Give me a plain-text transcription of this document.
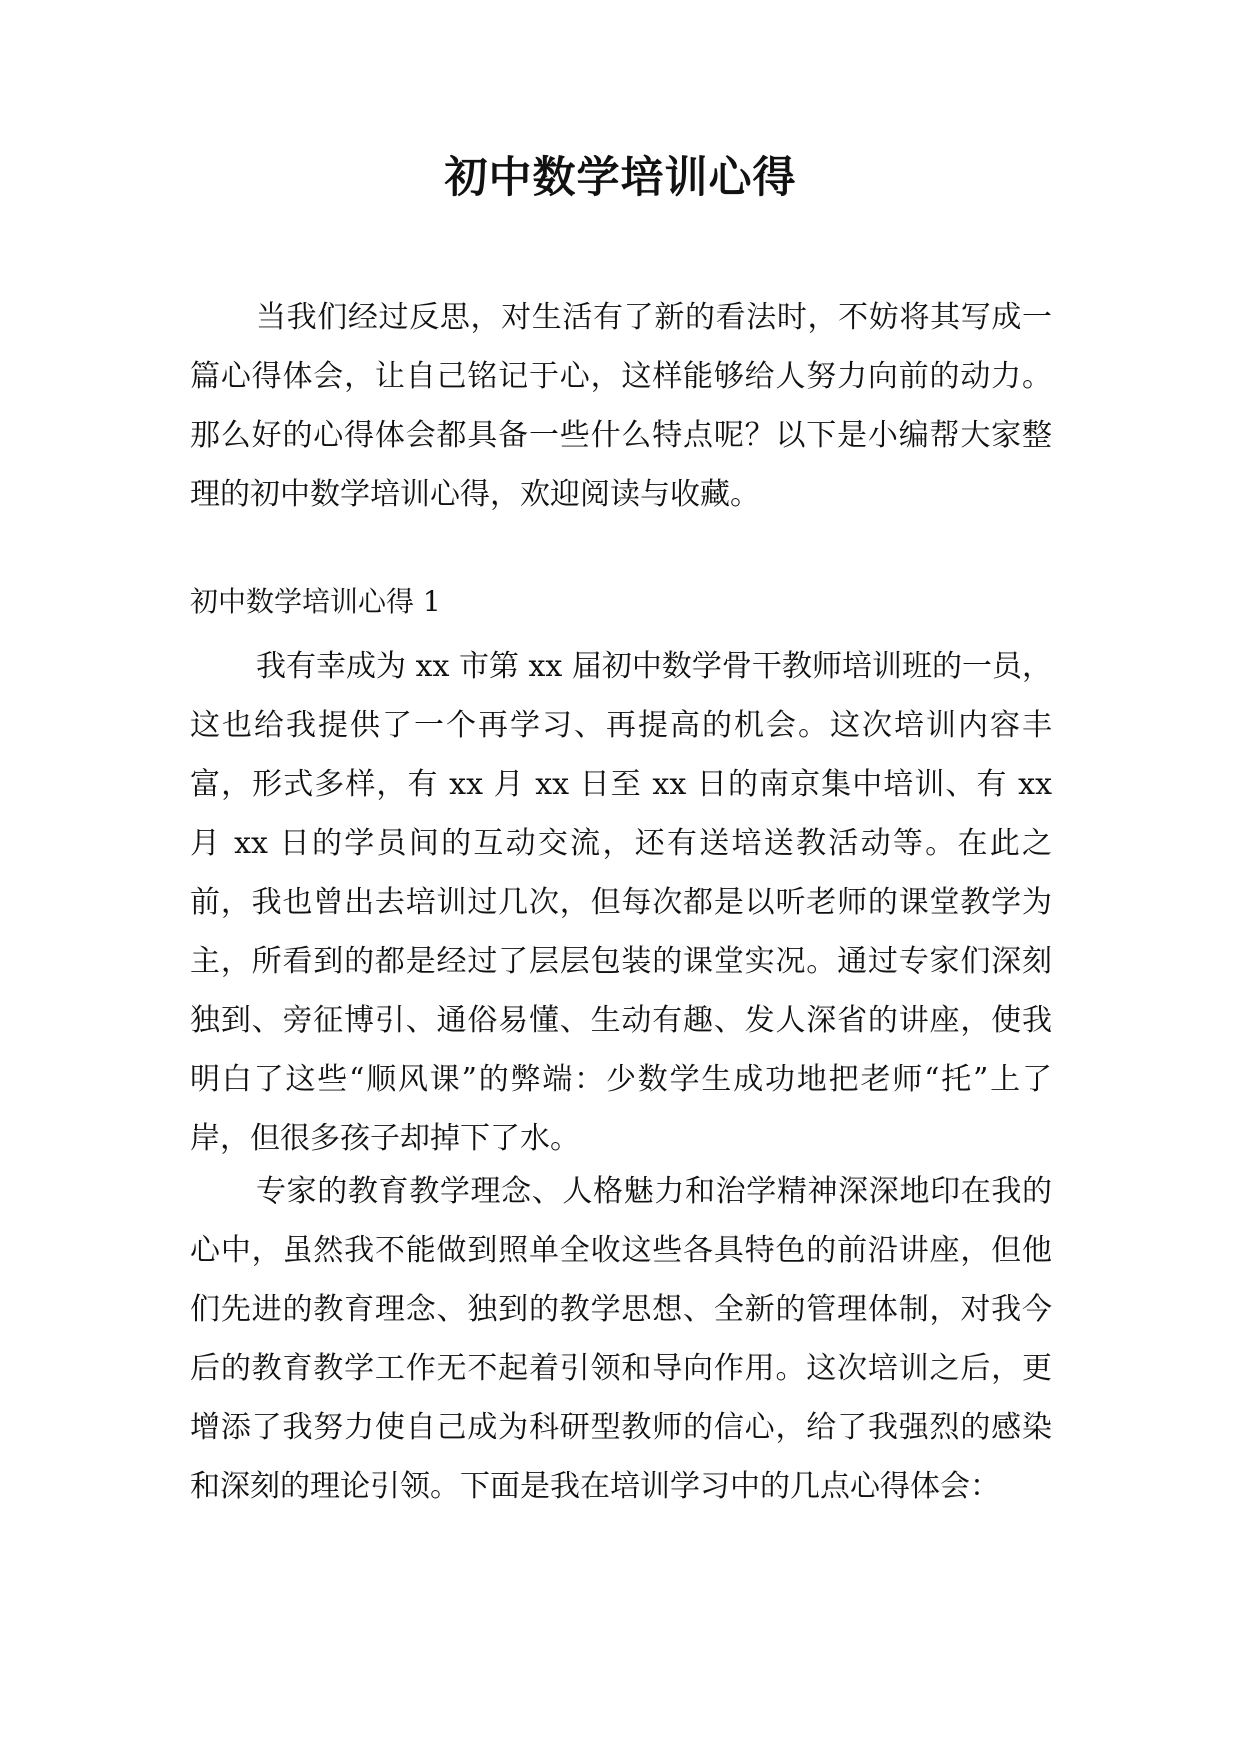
初中数学培训心得

当我们经过反思，对生活有了新的看法时，不妨将其写成一篇心得体会，让自己铭记于心，这样能够给人努力向前的动力。那么好的心得体会都具备一些什么特点呢？以下是小编帮大家整理的初中数学培训心得，欢迎阅读与收藏。

初中数学培训心得 1

我有幸成为 xx 市第 xx 届初中数学骨干教师培训班的一员，这也给我提供了一个再学习、再提高的机会。这次培训内容丰富，形式多样，有 xx 月 xx 日至 xx 日的南京集中培训、有 xx 月 xx 日的学员间的互动交流，还有送培送教活动等。在此之前，我也曾出去培训过几次，但每次都是以听老师的课堂教学为主，所看到的都是经过了层层包装的课堂实况。通过专家们深刻独到、旁征博引、通俗易懂、生动有趣、发人深省的讲座，使我明白了这些“顺风课”的弊端：少数学生成功地把老师“托”上了岸，但很多孩子却掉下了水。

专家的教育教学理念、人格魅力和治学精神深深地印在我的心中，虽然我不能做到照单全收这些各具特色的前沿讲座，但他们先进的教育理念、独到的教学思想、全新的管理体制，对我今后的教育教学工作无不起着引领和导向作用。这次培训之后，更增添了我努力使自己成为科研型教师的信心，给了我强烈的感染和深刻的理论引领。下面是我在培训学习中的几点心得体会：
